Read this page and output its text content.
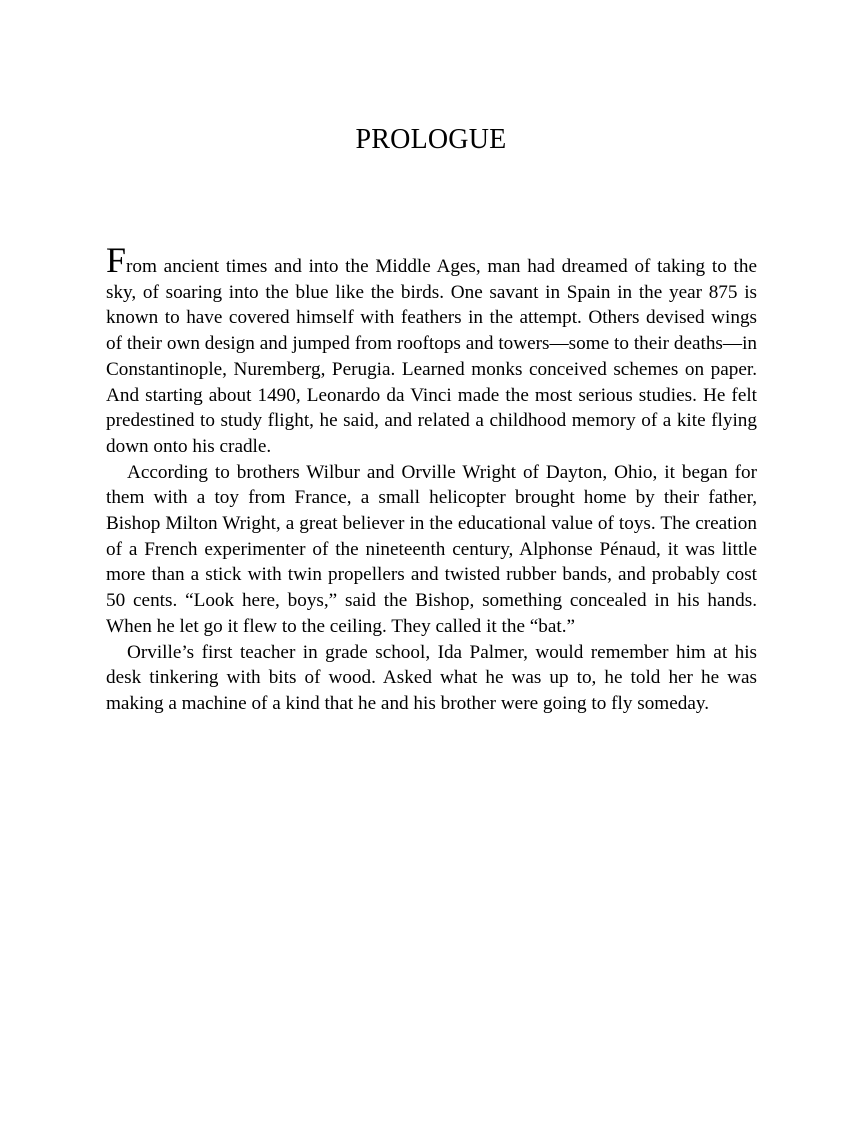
PROLOGUE

From ancient times and into the Middle Ages, man had dreamed of taking to the sky, of soaring into the blue like the birds. One savant in Spain in the year 875 is known to have covered himself with feathers in the attempt. Others devised wings of their own design and jumped from rooftops and towers—some to their deaths—in Constantinople, Nuremberg, Perugia. Learned monks conceived schemes on paper. And starting about 1490, Leonardo da Vinci made the most serious studies. He felt predestined to study flight, he said, and related a childhood memory of a kite flying down onto his cradle.

According to brothers Wilbur and Orville Wright of Dayton, Ohio, it began for them with a toy from France, a small helicopter brought home by their father, Bishop Milton Wright, a great believer in the educational value of toys. The creation of a French experimenter of the nineteenth century, Alphonse Pénaud, it was little more than a stick with twin propellers and twisted rubber bands, and probably cost 50 cents. “Look here, boys,” said the Bishop, something concealed in his hands. When he let go it flew to the ceiling. They called it the “bat.”

Orville’s first teacher in grade school, Ida Palmer, would remember him at his desk tinkering with bits of wood. Asked what he was up to, he told her he was making a machine of a kind that he and his brother were going to fly someday.
